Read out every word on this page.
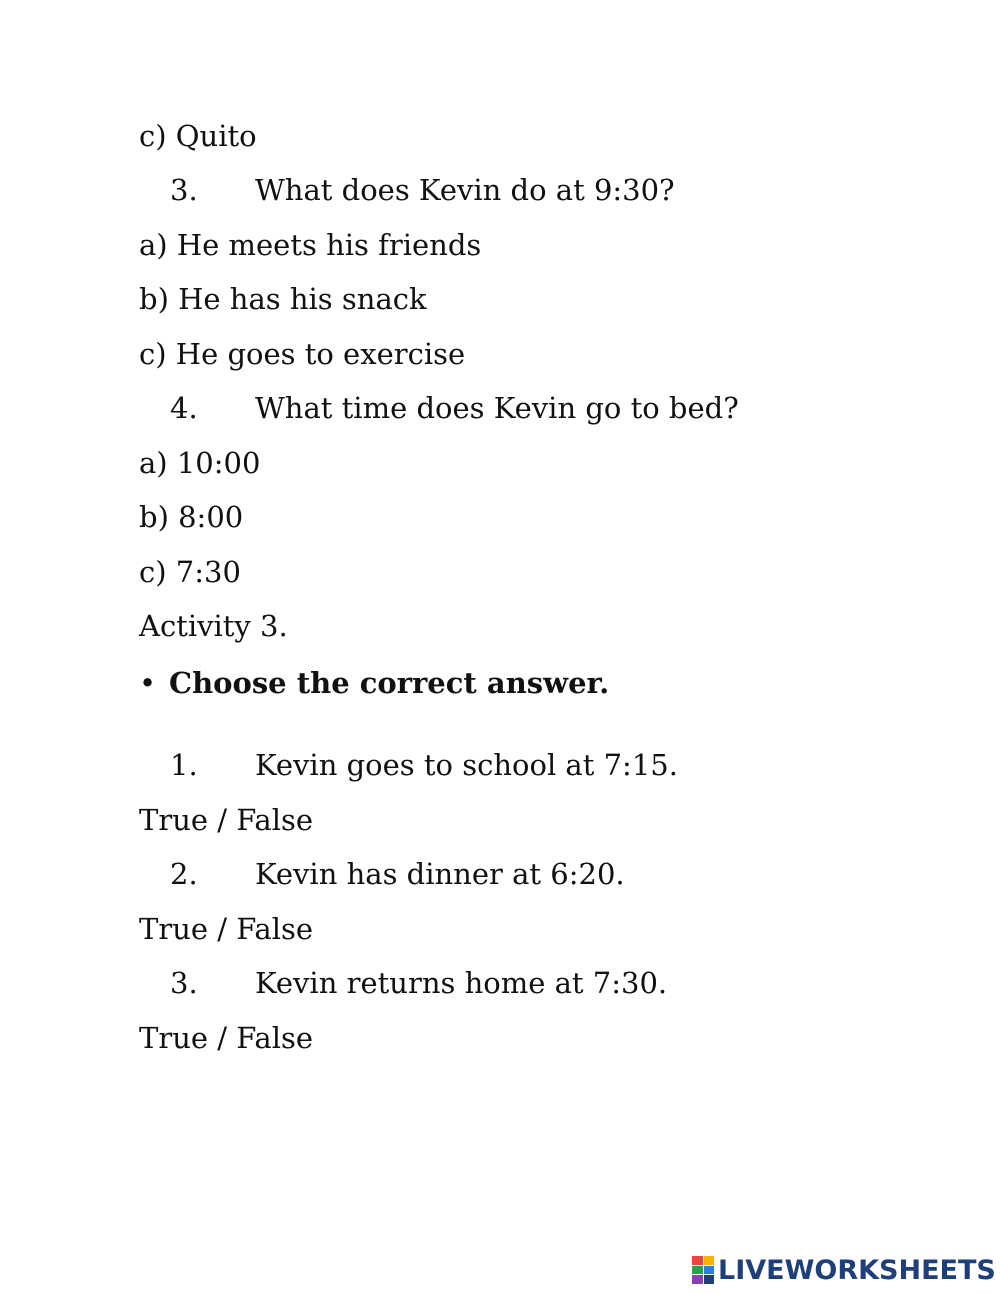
c) Quito
3. What does Kevin do at 9:30?
a) He meets his friends
b) He has his snack
c) He goes to exercise
4. What time does Kevin go to bed?
a) 10:00
b) 8:00
c) 7:30
Activity 3.
• Choose the correct answer.
1. Kevin goes to school at 7:15.
True / False
2. Kevin has dinner at 6:20.
True / False
3. Kevin returns home at 7:30.
True / False
LIVEWORKSHEETS
